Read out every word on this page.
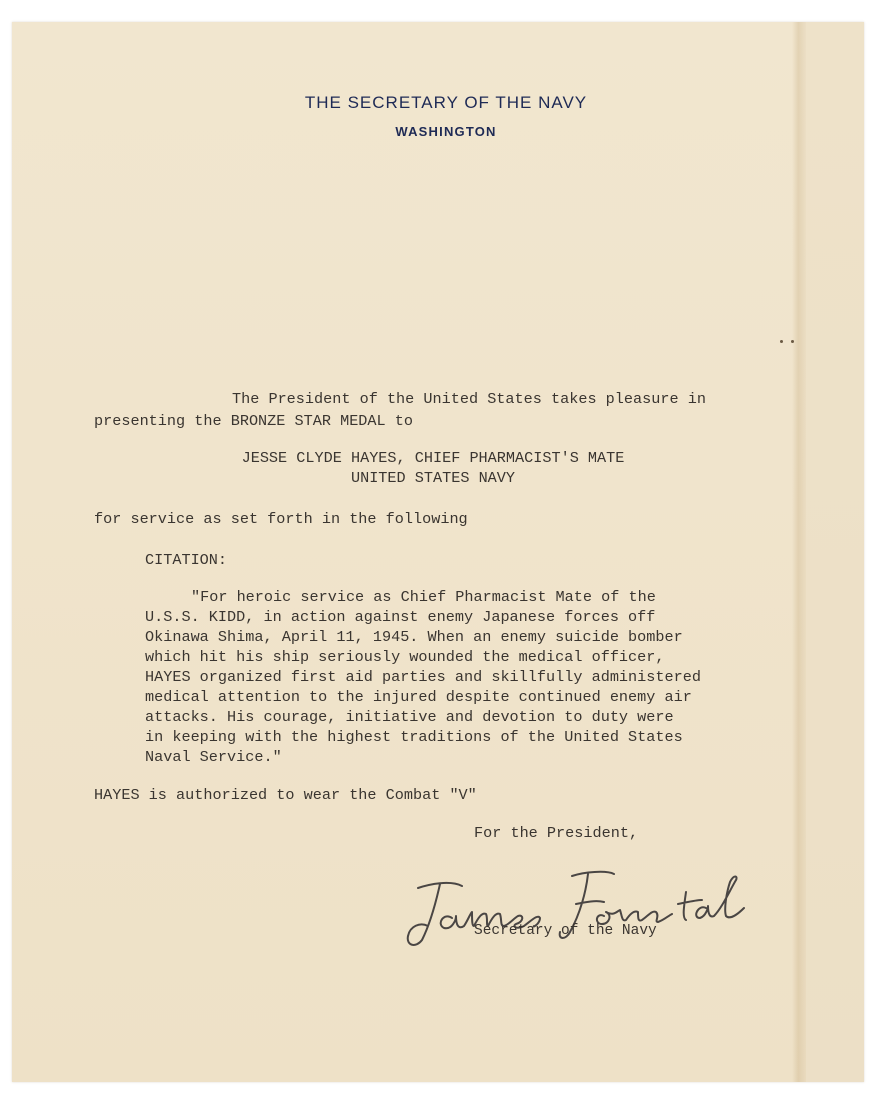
THE SECRETARY OF THE NAVY
WASHINGTON
The President of the United States takes pleasure in
presenting the BRONZE STAR MEDAL to
JESSE CLYDE HAYES, CHIEF PHARMACIST'S MATE
UNITED STATES NAVY
for service as set forth in the following
CITATION:
"For heroic service as Chief Pharmacist Mate of the
U.S.S. KIDD, in action against enemy Japanese forces off
Okinawa Shima, April 11, 1945. When an enemy suicide bomber
which hit his ship seriously wounded the medical officer,
HAYES organized first aid parties and skillfully administered
medical attention to the injured despite continued enemy air
attacks. His courage, initiative and devotion to duty were
in keeping with the highest traditions of the United States
Naval Service."
HAYES is authorized to wear the Combat "V"
For the President,
Secretary of the Navy
